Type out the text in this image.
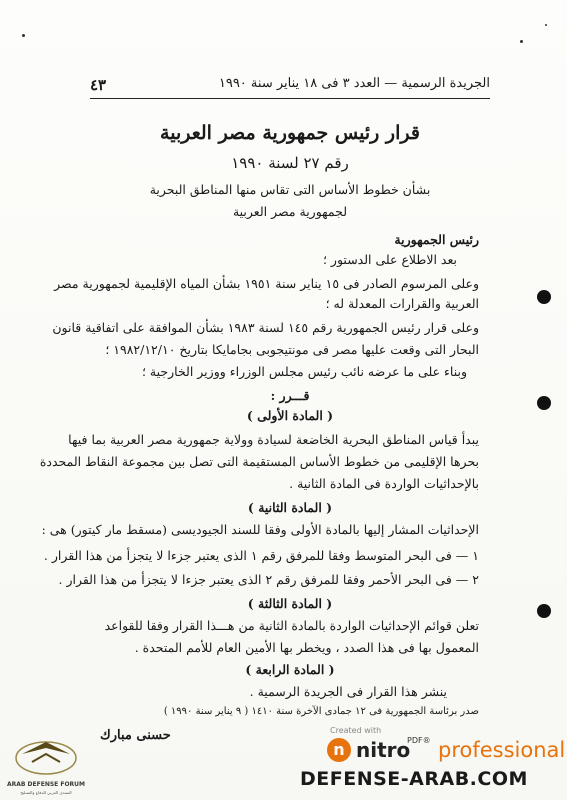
الجريدة الرسمية — العدد ٣ فى ١٨ يناير سنة ١٩٩٠
٤٣
قرار رئيس جمهورية مصر العربية
رقم ٢٧ لسنة ١٩٩٠
بشأن خطوط الأساس التى تقاس منها المناطق البحرية
لجمهورية مصر العربية
رئيس الجمهورية
بعد الاطلاع على الدستور ؛
وعلى المرسوم الصادر فى ١٥ يناير سنة ١٩٥١ بشأن المياه الإقليمية لجمهورية مصر
العربية والقرارات المعدلة له ؛
وعلى قرار رئيس الجمهورية رقم ١٤٥ لسنة ١٩٨٣ بشأن الموافقة على اتفاقية قانون
البحار التى وقعت عليها مصر فى مونتيجوبى بجامايكا بتاريخ ١٩٨٢/١٢/١٠ ؛
وبناء على ما عرضه نائب رئيس مجلس الوزراء ووزير الخارجية ؛
قـــرر :
( المادة الأولى )
يبدأ قياس المناطق البحرية الخاضعة لسيادة وولاية جمهورية مصر العربية بما فيها
بحرها الإقليمى من خطوط الأساس المستقيمة التى تصل بين مجموعة النقاط المحددة
بالإحداثيات الواردة فى المادة الثانية .
( المادة الثانية )
الإحداثيات المشار إليها بالمادة الأولى وفقا للسند الجيوديسى (مسقط مار كيتور) هى :
١ — فى البحر المتوسط وفقا للمرفق رقم ١ الذى يعتبر جزءا لا يتجزأ من هذا القرار .
٢ — فى البحر الأحمر وفقا للمرفق رقم ٢ الذى يعتبر جزءا لا يتجزأ من هذا القرار .
( المادة الثالثة )
تعلن قوائم الإحداثيات الواردة بالمادة الثانية من هـــذا القرار وفقا للقواعد
المعمول بها فى هذا الصدد ، ويخطر بها الأمين العام للأمم المتحدة .
( المادة الرابعة )
ينشر هذا القرار فى الجريدة الرسمية .
صدر برئاسة الجمهورية فى ١٢ جمادى الآخرة سنة ١٤١٠ ( ٩ يناير سنة ١٩٩٠ )
حسنى مبارك
ARAB DEFENSE FORUM
المنتدى العربي للدفاع والتسليح
Created with
n nitro
PDF® professional
DEFENSE-ARAB.COM
